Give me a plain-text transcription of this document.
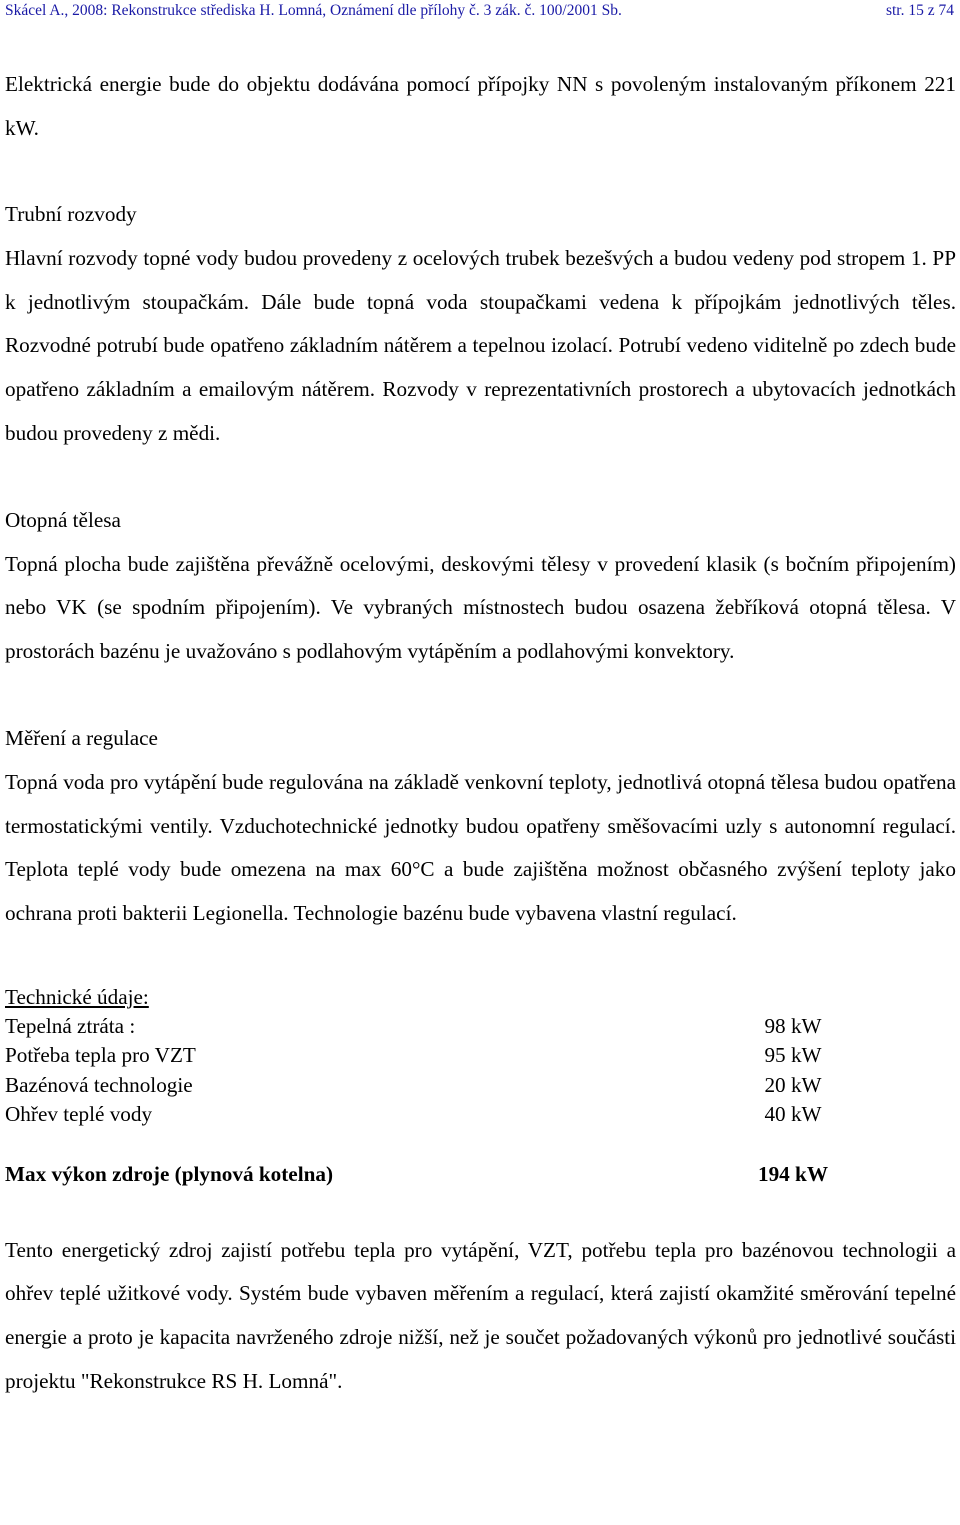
Skácel A., 2008: Rekonstrukce střediska H. Lomná, Oznámení dle přílohy č. 3 zák. č. 100/2001 Sb.	str. 15 z 74

Elektrická energie bude do objektu dodávána pomocí přípojky NN s povoleným instalovaným příkonem 221 kW.

Trubní rozvody

Hlavní rozvody topné vody budou provedeny z ocelových trubek bezešvých a budou vedeny pod stropem 1. PP k jednotlivým stoupačkám. Dále bude topná voda stoupačkami vedena k přípojkám jednotlivých těles. Rozvodné potrubí bude opatřeno základním nátěrem a tepelnou izolací. Potrubí vedeno viditelně po zdech bude opatřeno základním a emailovým nátěrem. Rozvody v reprezentativních prostorech a ubytovacích jednotkách budou provedeny z mědi.

Otopná tělesa

Topná plocha bude zajištěna převážně ocelovými, deskovými tělesy v provedení klasik (s bočním připojením) nebo VK (se spodním připojením). Ve vybraných místnostech budou osazena žebříková otopná tělesa. V prostorách bazénu je uvažováno s podlahovým vytápěním a podlahovými konvektory.

Měření a regulace

Topná voda pro vytápění bude regulována na základě venkovní teploty, jednotlivá otopná tělesa budou opatřena termostatickými ventily. Vzduchotechnické jednotky budou opatřeny směšovacími uzly s autonomní regulací. Teplota teplé vody bude omezena na max 60°C a bude zajištěna možnost občasného zvýšení teploty jako ochrana proti bakterii Legionella. Technologie bazénu bude vybavena vlastní regulací.

Technické údaje:
Tepelná ztráta :	98 kW
Potřeba tepla pro VZT	95 kW
Bazénová technologie	20 kW
Ohřev teplé vody	40 kW
Max výkon zdroje (plynová kotelna)	194 kW

Tento energetický zdroj zajistí potřebu tepla pro vytápění, VZT, potřebu tepla pro bazénovou technologii a ohřev teplé užitkové vody. Systém bude vybaven měřením a regulací, která zajistí okamžité směrování tepelné energie a proto je kapacita navrženého zdroje nižší, než je součet požadovaných výkonů pro jednotlivé součásti projektu "Rekonstrukce RS H. Lomná".
